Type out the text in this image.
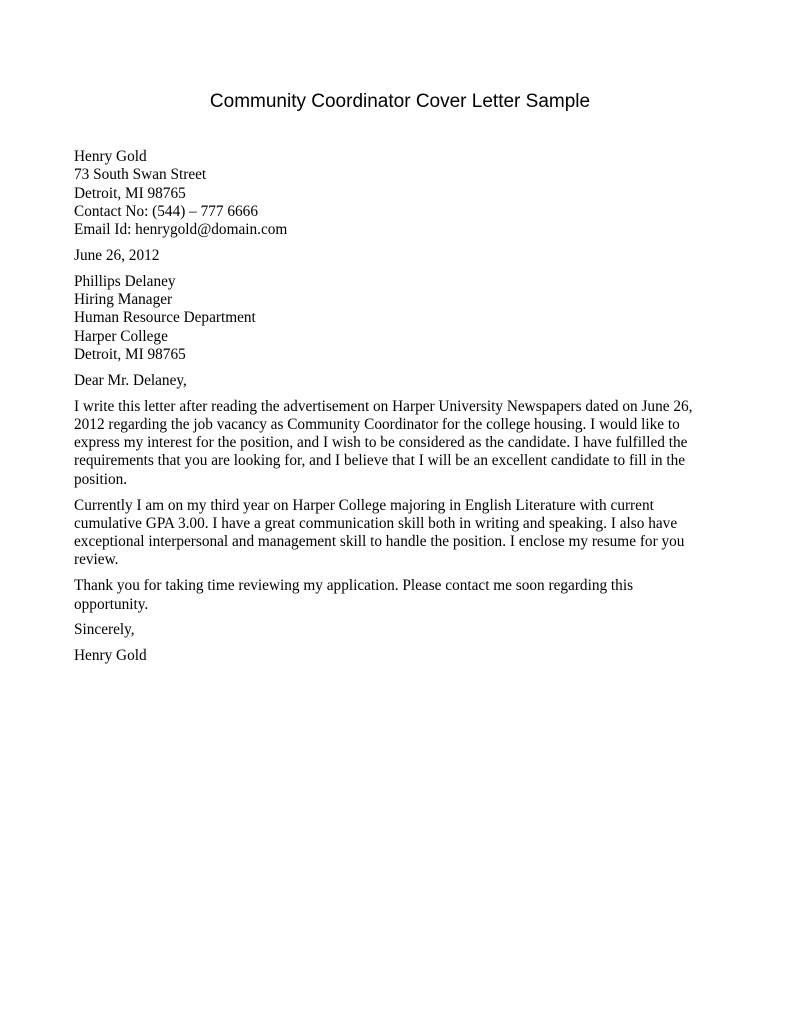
Community Coordinator Cover Letter Sample
Henry Gold
73 South Swan Street
Detroit, MI 98765
Contact No: (544) – 777 6666
Email Id: henrygold@domain.com
June 26, 2012
Phillips Delaney
Hiring Manager
Human Resource Department
Harper College
Detroit, MI 98765
Dear Mr. Delaney,
I write this letter after reading the advertisement on Harper University Newspapers dated on June 26,
2012 regarding the job vacancy as Community Coordinator for the college housing. I would like to
express my interest for the position, and I wish to be considered as the candidate. I have fulfilled the
requirements that you are looking for, and I believe that I will be an excellent candidate to fill in the
position.
Currently I am on my third year on Harper College majoring in English Literature with current
cumulative GPA 3.00. I have a great communication skill both in writing and speaking. I also have
exceptional interpersonal and management skill to handle the position. I enclose my resume for you
review.
Thank you for taking time reviewing my application. Please contact me soon regarding this
opportunity.
Sincerely,
Henry Gold
